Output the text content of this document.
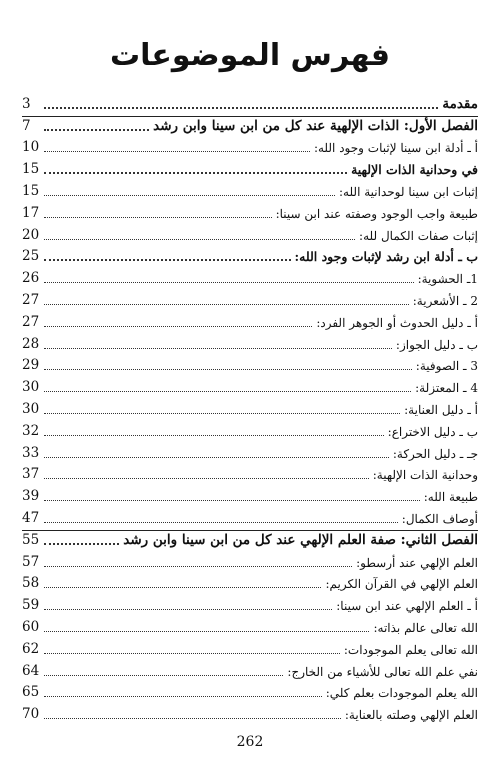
فهرس الموضوعات
مقدمة
3
الفصل الأول: الذات الإلهية عند كل من ابن سينا وابن رشد
7
أ ـ أدلة ابن سينا لإثبات وجود الله:
10
في وحدانية الذات الإلهية
15
إثبات ابن سينا لوحدانية الله:
15
طبيعة واجب الوجود وصفته عند ابن سينا:
17
إثبات صفات الكمال لله:
20
ب ـ أدلة ابن رشد لإثبات وجود الله:
25
1ـ الحشوية:
26
2 ـ الأشعرية:
27
أ ـ دليل الحدوث أو الجوهر الفرد:
27
ب ـ دليل الجواز:
28
3 ـ الصوفية:
29
4 ـ المعتزلة:
30
أ ـ دليل العناية:
30
ب ـ دليل الاختراع:
32
جـ ـ دليل الحركة:
33
وحدانية الذات الإلهية:
37
طبيعة الله:
39
أوصاف الكمال:
47
الفصل الثاني: صفة العلم الإلهي عند كل من ابن سينا وابن رشد
55
العلم الإلهي عند أرسطو:
57
العلم الإلهي في القرآن الكريم:
58
أ ـ العلم الإلهي عند ابن سينا:
59
الله تعالى عالم بذاته:
60
الله تعالى يعلم الموجودات:
62
نفي علم الله تعالى للأشياء من الخارج:
64
الله يعلم الموجودات بعلم كلي:
65
العلم الإلهي وصلته بالعناية:
70
262
